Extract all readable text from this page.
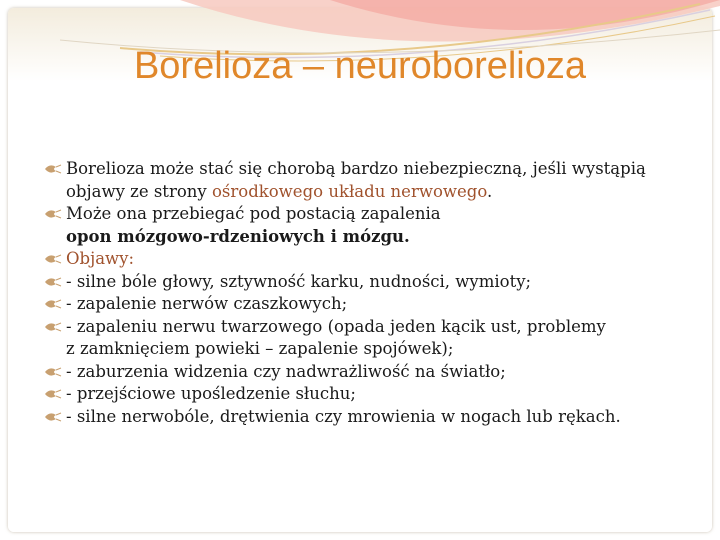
Borelioza – neuroborelioza
Borelioza może stać się chorobą bardzo niebezpieczną, jeśli wystąpią
objawy ze strony ośrodkowego układu nerwowego.
Może ona przebiegać pod postacią zapalenia
opon mózgowo-rdzeniowych i mózgu.
Objawy:
- silne bóle głowy, sztywność karku, nudności, wymioty;
- zapalenie nerwów czaszkowych;
- zapaleniu nerwu twarzowego (opada jeden kącik ust, problemy
z zamknięciem powieki – zapalenie spojówek);
- zaburzenia widzenia czy nadwrażliwość na światło;
- przejściowe upośledzenie słuchu;
- silne nerwobóle, drętwienia czy mrowienia w nogach lub rękach.
